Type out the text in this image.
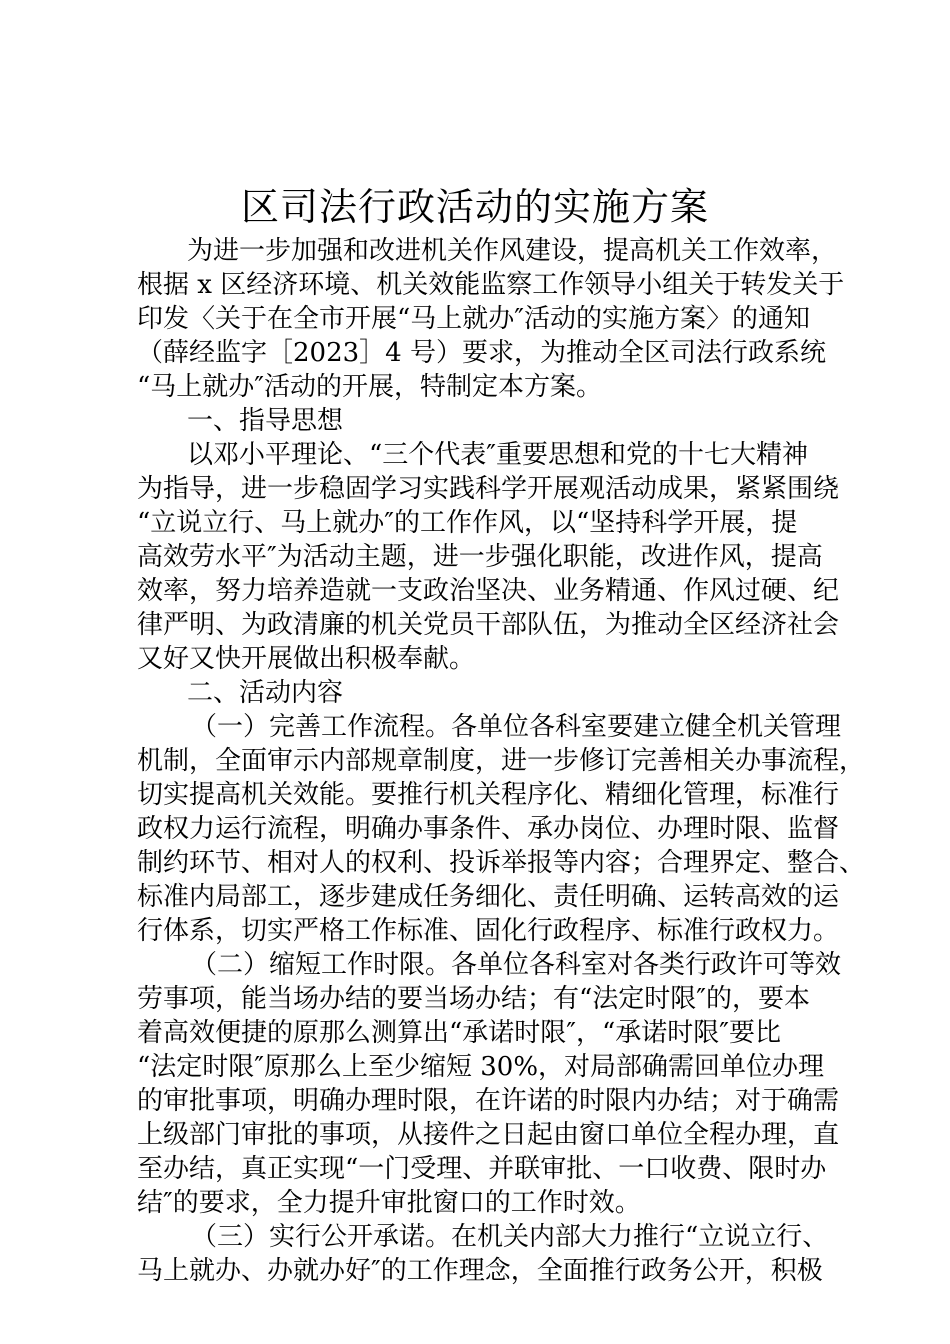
区司法行政活动的实施方案
为进一步加强和改进机关作风建设，提高机关工作效率，
根据 x 区经济环境、机关效能监察工作领导小组关于转发关于
印发〈关于在全市开展“马上就办″活动的实施方案〉的通知
（薛经监字［2023］4 号）要求，为推动全区司法行政系统
“马上就办″活动的开展，特制定本方案。
一、指导思想
以邓小平理论、“三个代表″重要思想和党的十七大精神
为指导，进一步稳固学习实践科学开展观活动成果，紧紧围绕
“立说立行、马上就办″的工作作风，以“坚持科学开展，提
高效劳水平″为活动主题，进一步强化职能，改进作风，提高
效率，努力培养造就一支政治坚决、业务精通、作风过硬、纪
律严明、为政清廉的机关党员干部队伍，为推动全区经济社会
又好又快开展做出积极奉献。
二、活动内容
（一）完善工作流程。各单位各科室要建立健全机关管理
机制，全面审示内部规章制度，进一步修订完善相关办事流程，
切实提高机关效能。要推行机关程序化、精细化管理，标准行
政权力运行流程，明确办事条件、承办岗位、办理时限、监督
制约环节、相对人的权利、投诉举报等内容；合理界定、整合、
标准内局部工，逐步建成任务细化、责任明确、运转高效的运
行体系，切实严格工作标准、固化行政程序、标准行政权力。
（二）缩短工作时限。各单位各科室对各类行政许可等效
劳事项，能当场办结的要当场办结；有“法定时限″的，要本
着高效便捷的原那么测算出“承诺时限″，“承诺时限″要比
“法定时限″原那么上至少缩短 30%，对局部确需回单位办理
的审批事项，明确办理时限，在许诺的时限内办结；对于确需
上级部门审批的事项，从接件之日起由窗口单位全程办理，直
至办结，真正实现“一门受理、并联审批、一口收费、限时办
结″的要求，全力提升审批窗口的工作时效。
（三）实行公开承诺。在机关内部大力推行“立说立行、
马上就办、办就办好″的工作理念，全面推行政务公开，积极
